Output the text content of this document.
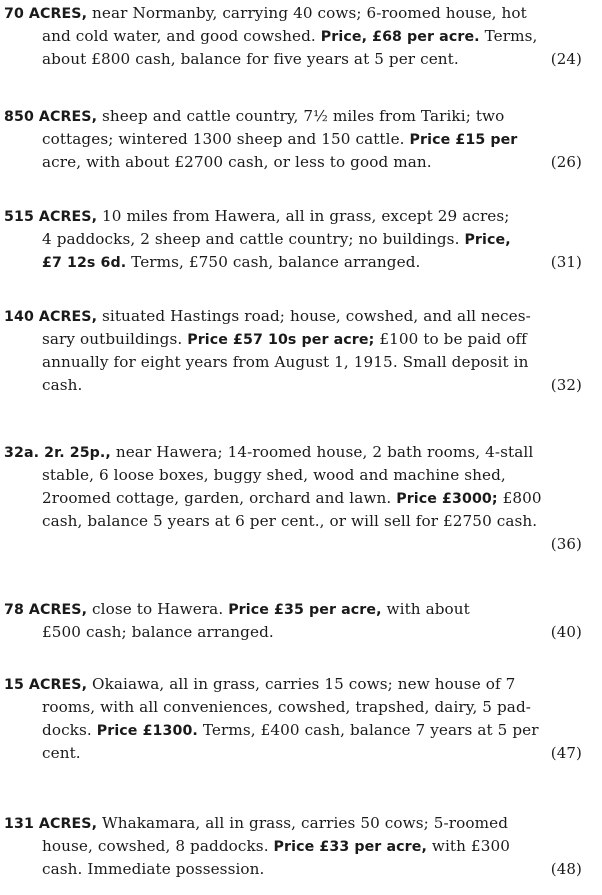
70 ACRES, near Normanby, carrying 40 cows; 6-roomed house, hot
and cold water, and good cowshed. Price, £68 per acre. Terms,
(24)
about £800 cash, balance for five years at 5 per cent.
850 ACRES, sheep and cattle country, 7½ miles from Tariki; two
cottages; wintered 1300 sheep and 150 cattle. Price £15 per
(26)
acre, with about £2700 cash, or less to good man.
515 ACRES, 10 miles from Hawera, all in grass, except 29 acres;
4 paddocks, 2 sheep and cattle country; no buildings. Price,
(31)
£7 12s 6d. Terms, £750 cash, balance arranged.
140 ACRES, situated Hastings road; house, cowshed, and all neces-
sary outbuildings. Price £57 10s per acre; £100 to be paid off
annually for eight years from August 1, 1915. Small deposit in
(32)
cash.
32a. 2r. 25p., near Hawera; 14-roomed house, 2 bath rooms, 4-stall
stable, 6 loose boxes, buggy shed, wood and machine shed,
2roomed cottage, garden, orchard and lawn. Price £3000; £800
cash, balance 5 years at 6 per cent., or will sell for £2750 cash.
(36)
78 ACRES, close to Hawera. Price £35 per acre, with about
(40)
£500 cash; balance arranged.
15 ACRES, Okaiawa, all in grass, carries 15 cows; new house of 7
rooms, with all conveniences, cowshed, trapshed, dairy, 5 pad-
docks. Price £1300. Terms, £400 cash, balance 7 years at 5 per
(47)
cent.
131 ACRES, Whakamara, all in grass, carries 50 cows; 5-roomed
house, cowshed, 8 paddocks. Price £33 per acre, with £300
(48)
cash. Immediate possession.
